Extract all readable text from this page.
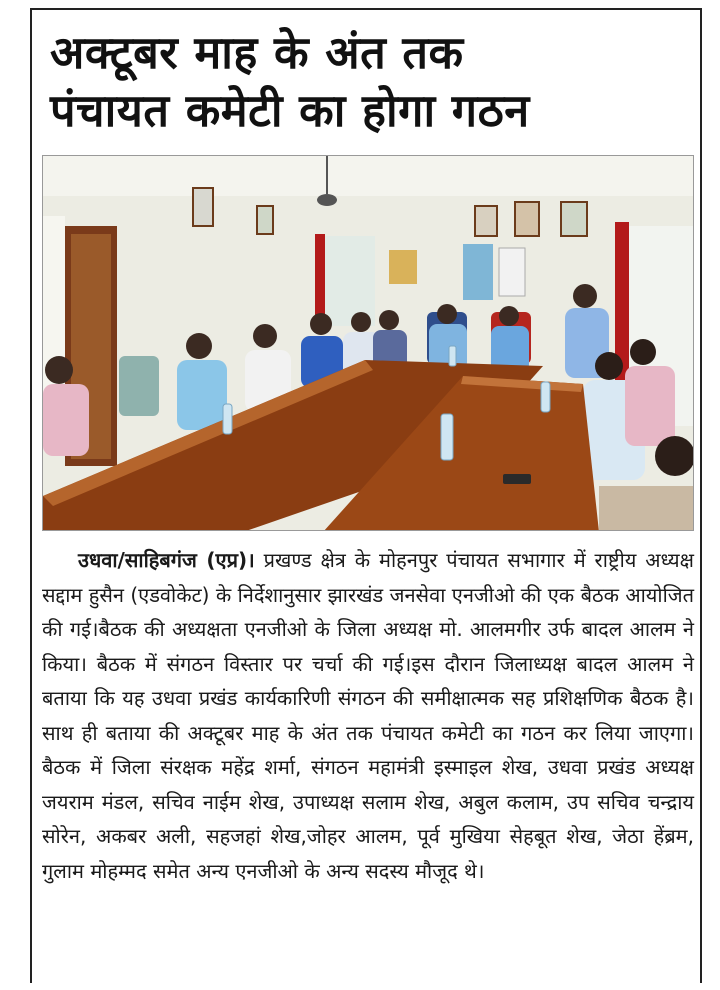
अक्टूबर माह के अंत तक
पंचायत कमेटी का होगा गठन

उधवा/साहिबगंज (एप्र)। प्रखण्ड क्षेत्र के मोहनपुर पंचायत सभागार में राष्ट्रीय अध्यक्ष सद्दाम हुसैन (एडवोकेट) के निर्देशानुसार झारखंड जनसेवा एनजीओ की एक बैठक आयोजित की गई।बैठक की अध्यक्षता एनजीओ के जिला अध्यक्ष मो. आलमगीर उर्फ बादल आलम ने किया। बैठक में संगठन विस्तार पर चर्चा की गई।इस दौरान जिलाध्यक्ष बादल आलम ने बताया कि यह उधवा प्रखंड कार्यकारिणी संगठन की समीक्षात्मक सह प्रशिक्षणिक बैठक है।साथ ही बताया की अक्टूबर माह के अंत तक पंचायत कमेटी का गठन कर लिया जाएगा। बैठक में जिला संरक्षक महेंद्र शर्मा, संगठन महामंत्री इस्माइल शेख, उधवा प्रखंड अध्यक्ष जयराम मंडल, सचिव नाईम शेख, उपाध्यक्ष सलाम शेख, अबुल कलाम, उप सचिव चन्द्राय सोरेन, अकबर अली, सहजहां शेख,जोहर आलम, पूर्व मुखिया सेहबूत शेख, जेठा हेंब्रम, गुलाम मोहम्मद समेत अन्य एनजीओ के अन्य सदस्य मौजूद थे।
